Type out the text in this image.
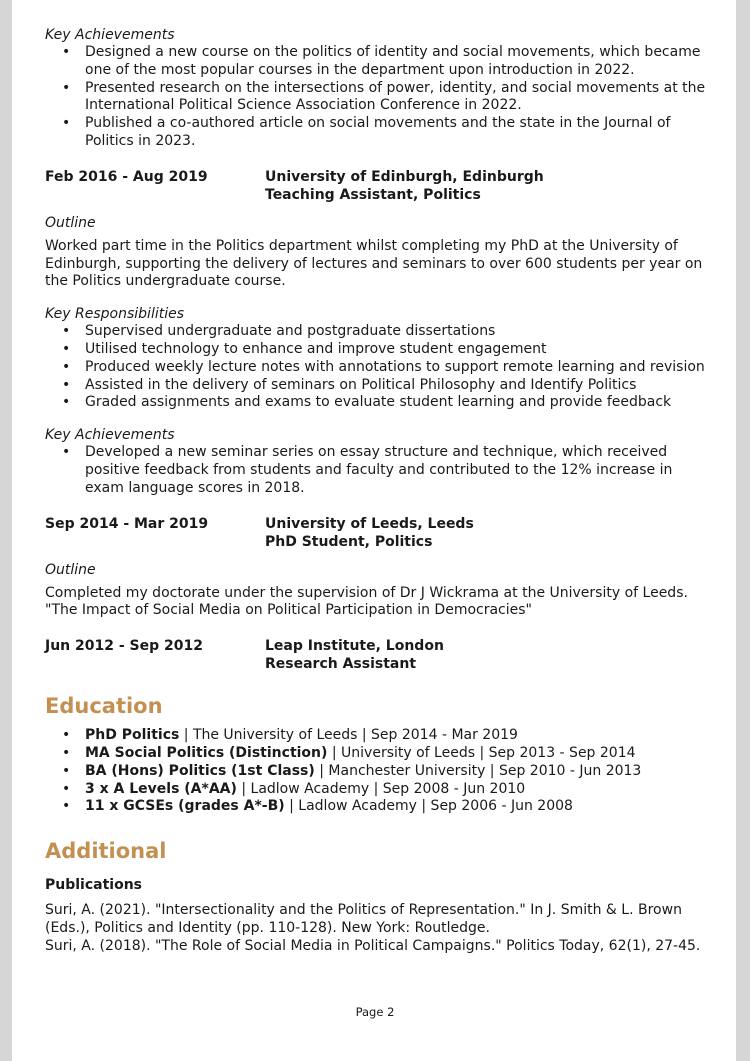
Key Achievements

• Designed a new course on the politics of identity and social movements, which became one of the most popular courses in the department upon introduction in 2022.
• Presented research on the intersections of power, identity, and social movements at the International Political Science Association Conference in 2022.
• Published a co-authored article on social movements and the state in the Journal of Politics in 2023.
Feb 2016 - Aug 2019	University of Edinburgh, Edinburgh
Teaching Assistant, Politics

Outline

Worked part time in the Politics department whilst completing my PhD at the University of Edinburgh, supporting the delivery of lectures and seminars to over 600 students per year on the Politics undergraduate course.

Key Responsibilities

• Supervised undergraduate and postgraduate dissertations
• Utilised technology to enhance and improve student engagement
• Produced weekly lecture notes with annotations to support remote learning and revision
• Assisted in the delivery of seminars on Political Philosophy and Identify Politics
• Graded assignments and exams to evaluate student learning and provide feedback

Key Achievements

• Developed a new seminar series on essay structure and technique, which received positive feedback from students and faculty and contributed to the 12% increase in exam language scores in 2018.
Sep 2014 - Mar 2019	University of Leeds, Leeds
PhD Student, Politics

Outline

Completed my doctorate under the supervision of Dr J Wickrama at the University of Leeds. "The Impact of Social Media on Political Participation in Democracies"

Jun 2012 - Sep 2012	Leap Institute, London
Research Assistant
Education
• PhD Politics | The University of Leeds | Sep 2014 - Mar 2019
• MA Social Politics (Distinction) | University of Leeds | Sep 2013 - Sep 2014
• BA (Hons) Politics (1st Class) | Manchester University | Sep 2010 - Jun 2013
• 3 x A Levels (A*AA) | Ladlow Academy | Sep 2008 - Jun 2010
• 11 x GCSEs (grades A*-B) | Ladlow Academy | Sep 2006 - Jun 2008
Additional
Publications

Suri, A. (2021). "Intersectionality and the Politics of Representation." In J. Smith & L. Brown (Eds.), Politics and Identity (pp. 110-128). New York: Routledge.

Suri, A. (2018). "The Role of Social Media in Political Campaigns." Politics Today, 62(1), 27-45.

Page 2
